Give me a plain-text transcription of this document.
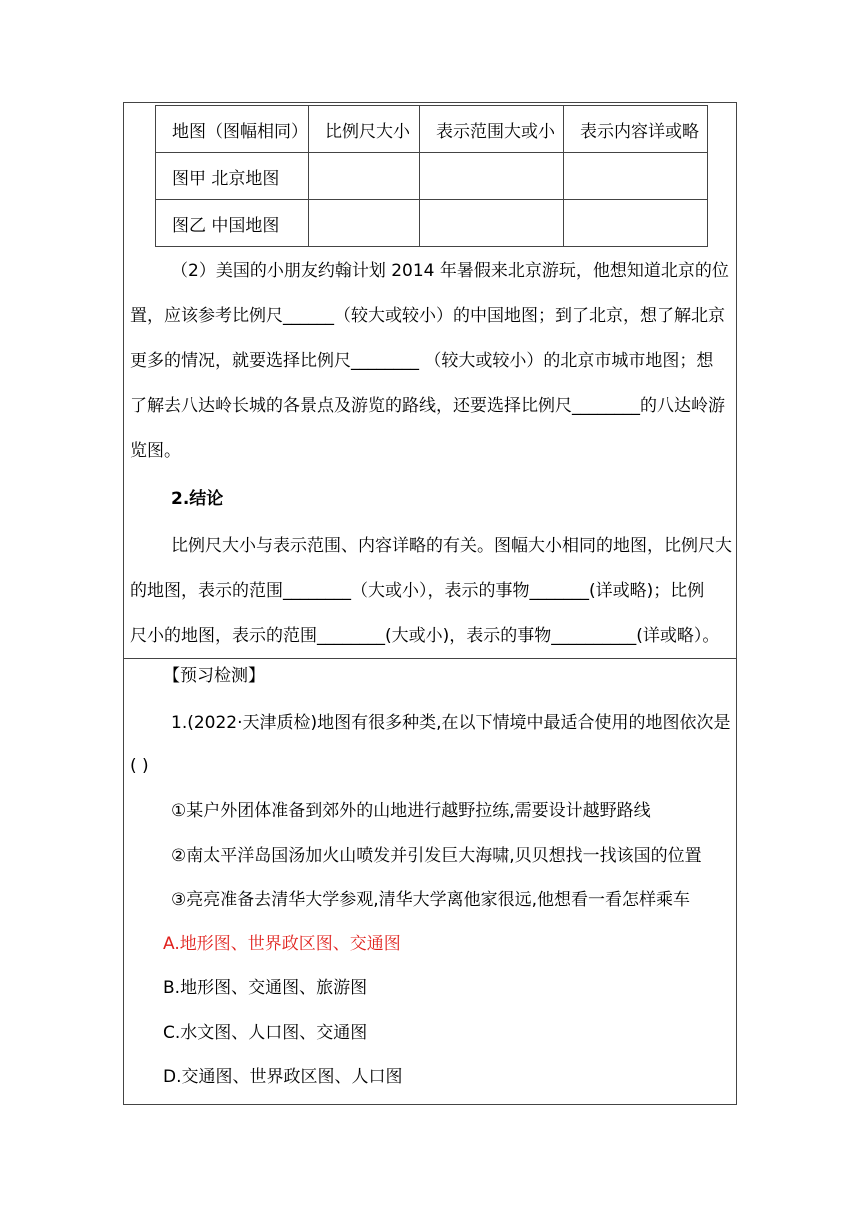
地图（图幅相同）	比例尺大小	表示范围大或小	表示内容详或略
图甲 北京地图			
图乙 中国地图			
（2）美国的小朋友约翰计划 2014 年暑假来北京游玩，他想知道北京的位
置，应该参考比例尺______（较大或较小）的中国地图；到了北京，想了解北京
更多的情况，就要选择比例尺________ （较大或较小）的北京市城市地图；想
了解去八达岭长城的各景点及游览的路线，还要选择比例尺________的八达岭游
览图。
2.结论
比例尺大小与表示范围、内容详略的有关。图幅大小相同的地图，比例尺大
的地图，表示的范围________（大或小），表示的事物_______(详或略)；比例
尺小的地图，表示的范围________(大或小)，表示的事物__________(详或略）。
【预习检测】
1.(2022·天津质检)地图有很多种类,在以下情境中最适合使用的地图依次是
( )
①某户外团体准备到郊外的山地进行越野拉练,需要设计越野路线
②南太平洋岛国汤加火山喷发并引发巨大海啸,贝贝想找一找该国的位置
③亮亮准备去清华大学参观,清华大学离他家很远,他想看一看怎样乘车
A.地形图、世界政区图、交通图
B.地形图、交通图、旅游图
C.水文图、人口图、交通图
D.交通图、世界政区图、人口图
